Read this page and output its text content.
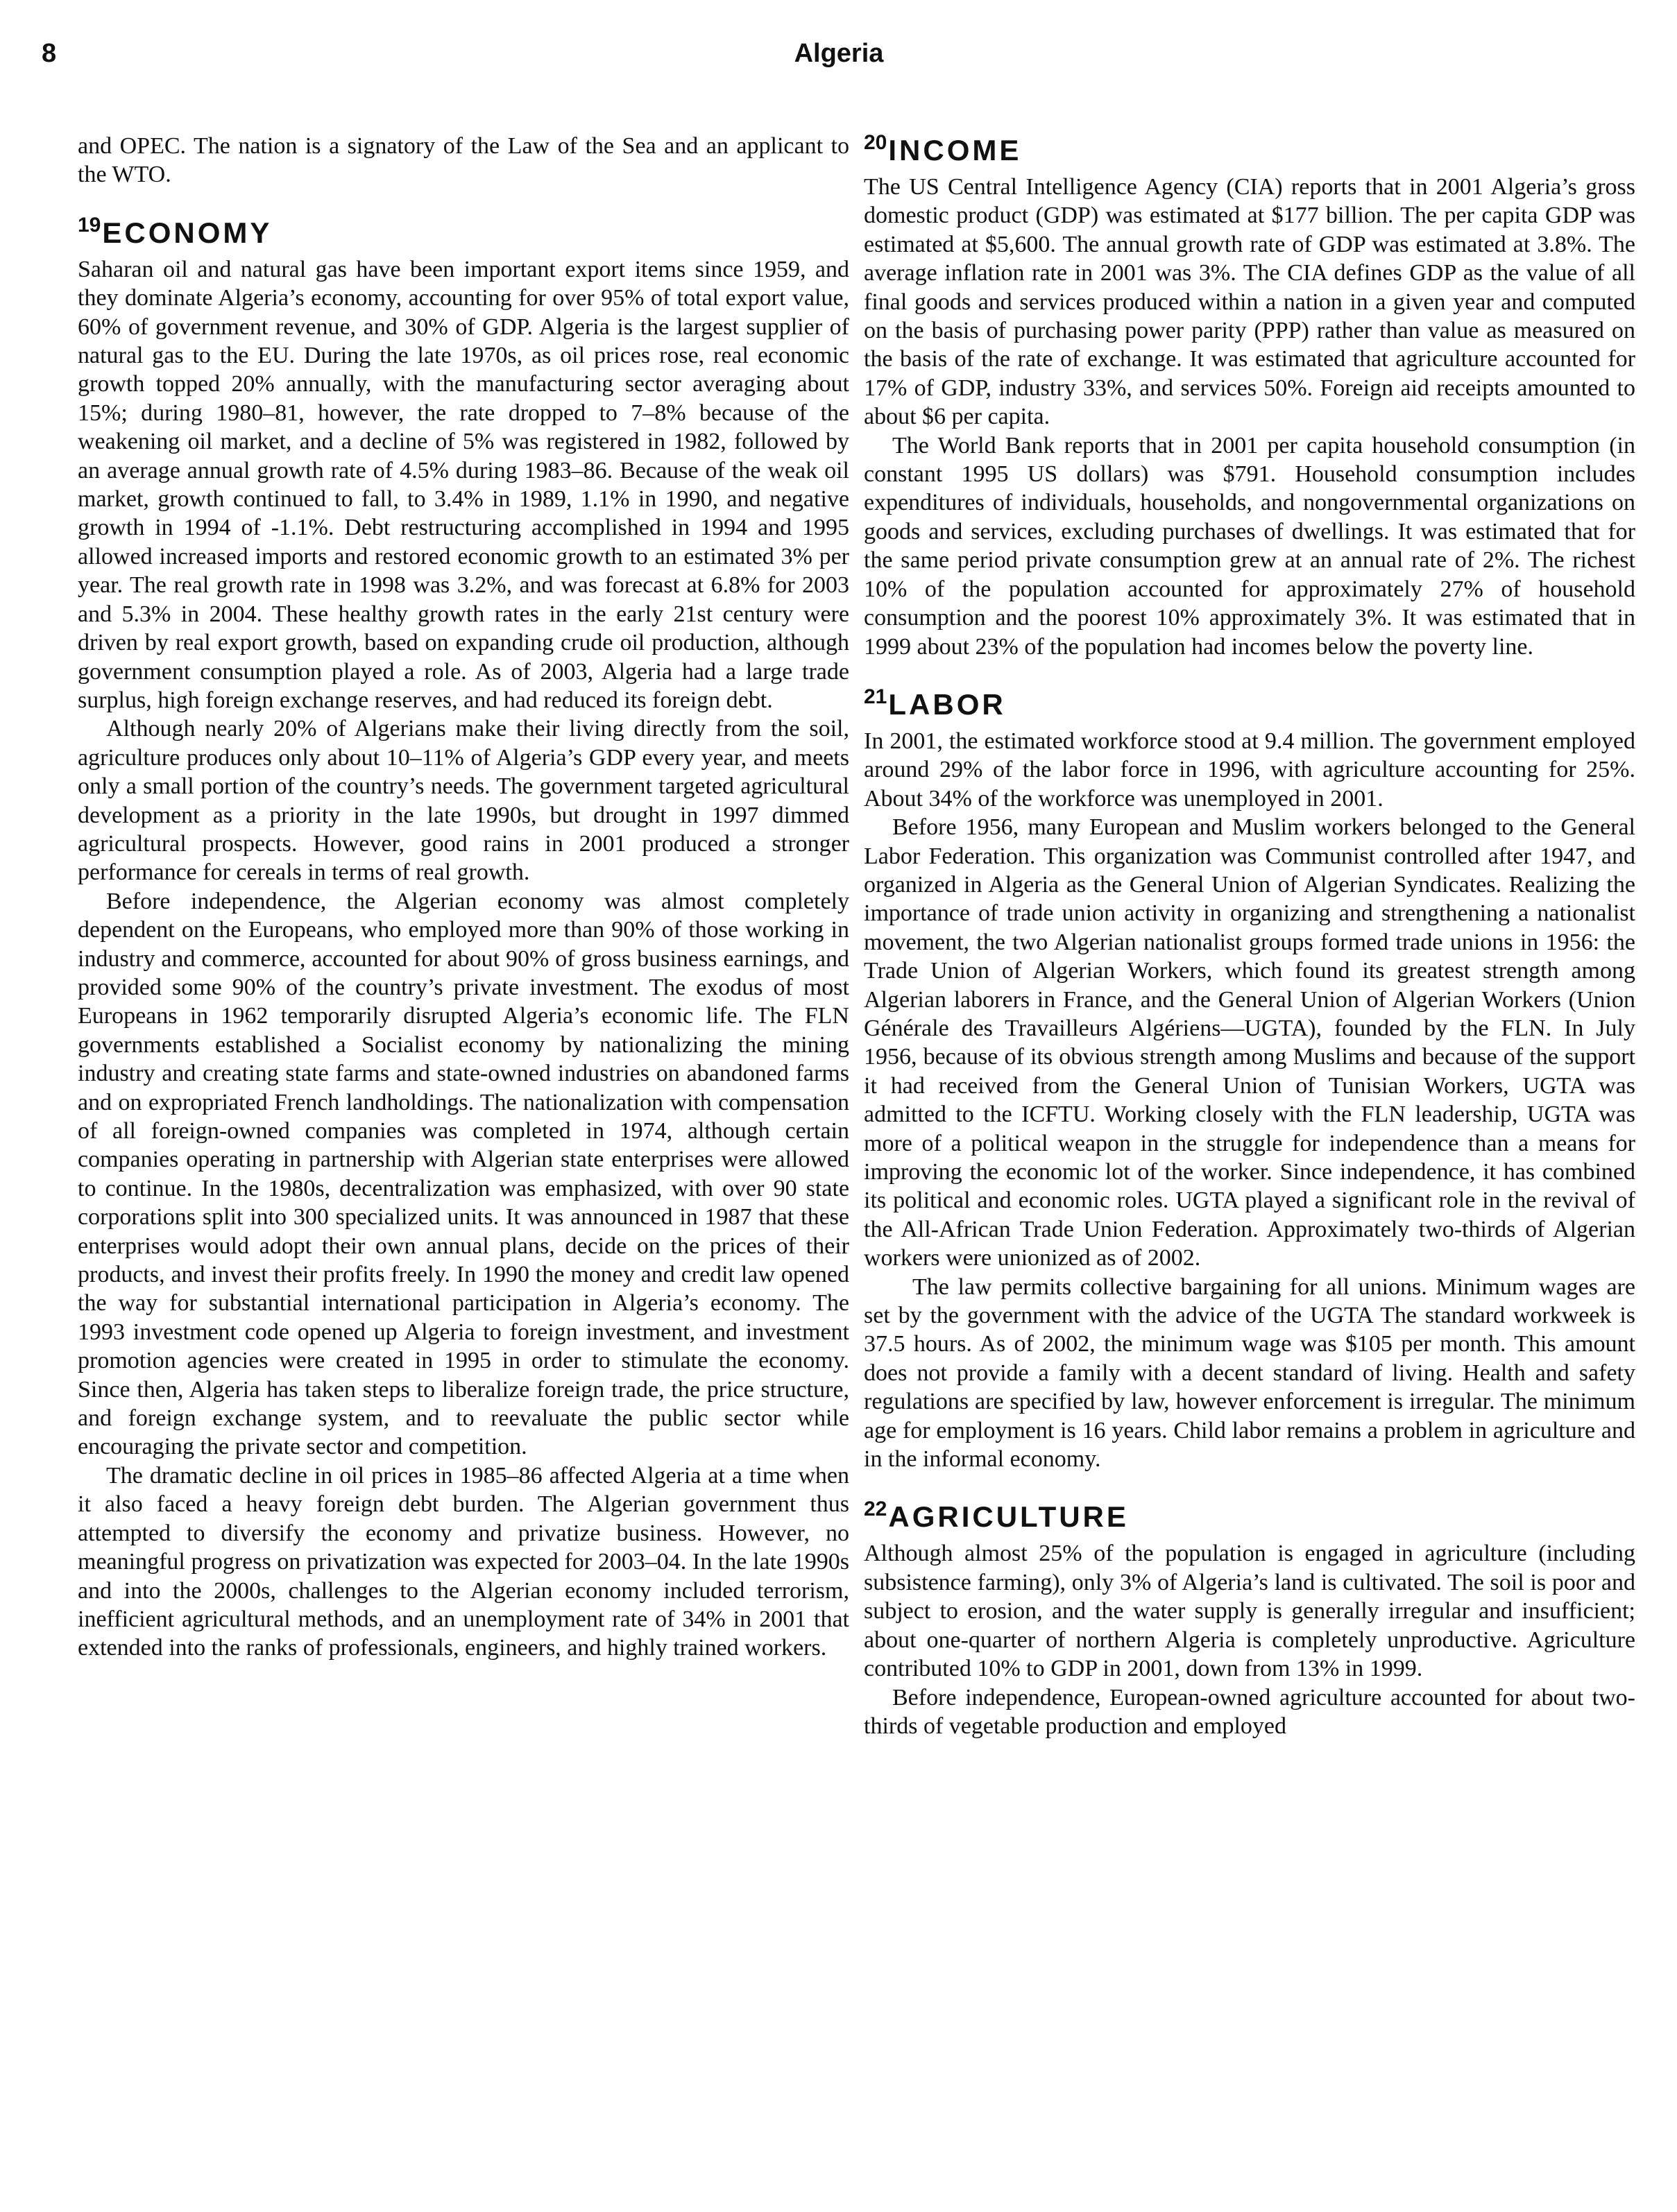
8	Algeria

and OPEC. The nation is a signatory of the Law of the Sea and an applicant to the WTO.

$^{19}$ECONOMY

Saharan oil and natural gas have been important export items since 1959, and they dominate Algeria’s economy, accounting for over 95% of total export value, 60% of government revenue, and 30% of GDP. Algeria is the largest supplier of natural gas to the EU. During the late 1970s, as oil prices rose, real economic growth topped 20% annually, with the manufacturing sector averaging about 15%; during 1980–81, however, the rate dropped to 7–8% because of the weakening oil market, and a decline of 5% was registered in 1982, followed by an average annual growth rate of 4.5% during 1983–86. Because of the weak oil market, growth continued to fall, to 3.4% in 1989, 1.1% in 1990, and negative growth in 1994 of -1.1%. Debt restructuring accomplished in 1994 and 1995 allowed increased imports and restored economic growth to an estimated 3% per year. The real growth rate in 1998 was 3.2%, and was forecast at 6.8% for 2003 and 5.3% in 2004. These healthy growth rates in the early 21st century were driven by real export growth, based on expanding crude oil production, although government consumption played a role. As of 2003, Algeria had a large trade surplus, high foreign exchange reserves, and had reduced its foreign debt.

Although nearly 20% of Algerians make their living directly from the soil, agriculture produces only about 10–11% of Algeria’s GDP every year, and meets only a small portion of the country’s needs. The government targeted agricultural development as a priority in the late 1990s, but drought in 1997 dimmed agricultural prospects. However, good rains in 2001 produced a stronger performance for cereals in terms of real growth.

Before independence, the Algerian economy was almost completely dependent on the Europeans, who employed more than 90% of those working in industry and commerce, accounted for about 90% of gross business earnings, and provided some 90% of the country’s private investment. The exodus of most Europeans in 1962 temporarily disrupted Algeria’s economic life. The FLN governments established a Socialist economy by nationalizing the mining industry and creating state farms and state-owned industries on abandoned farms and on expropriated French landholdings. The nationalization with compensation of all foreign-owned companies was completed in 1974, although certain companies operating in partnership with Algerian state enterprises were allowed to continue. In the 1980s, decentralization was emphasized, with over 90 state corporations split into 300 specialized units. It was announced in 1987 that these enterprises would adopt their own annual plans, decide on the prices of their products, and invest their profits freely. In 1990 the money and credit law opened the way for substantial international participation in Algeria’s economy. The 1993 investment code opened up Algeria to foreign investment, and investment promotion agencies were created in 1995 in order to stimulate the economy. Since then, Algeria has taken steps to liberalize foreign trade, the price structure, and foreign exchange system, and to reevaluate the public sector while encouraging the private sector and competition.

The dramatic decline in oil prices in 1985–86 affected Algeria at a time when it also faced a heavy foreign debt burden. The Algerian government thus attempted to diversify the economy and privatize business. However, no meaningful progress on privatization was expected for 2003–04. In the late 1990s and into the 2000s, challenges to the Algerian economy included terrorism, inefficient agricultural methods, and an unemployment rate of 34% in 2001 that extended into the ranks of professionals, engineers, and highly trained workers.

$^{20}$INCOME

The US Central Intelligence Agency (CIA) reports that in 2001 Algeria’s gross domestic product (GDP) was estimated at $177 billion. The per capita GDP was estimated at $5,600. The annual growth rate of GDP was estimated at 3.8%. The average inflation rate in 2001 was 3%. The CIA defines GDP as the value of all final goods and services produced within a nation in a given year and computed on the basis of purchasing power parity (PPP) rather than value as measured on the basis of the rate of exchange. It was estimated that agriculture accounted for 17% of GDP, industry 33%, and services 50%. Foreign aid receipts amounted to about $6 per capita.

The World Bank reports that in 2001 per capita household consumption (in constant 1995 US dollars) was $791. Household consumption includes expenditures of individuals, households, and nongovernmental organizations on goods and services, excluding purchases of dwellings. It was estimated that for the same period private consumption grew at an annual rate of 2%. The richest 10% of the population accounted for approximately 27% of household consumption and the poorest 10% approximately 3%. It was estimated that in 1999 about 23% of the population had incomes below the poverty line.

$^{21}$LABOR

In 2001, the estimated workforce stood at 9.4 million. The government employed around 29% of the labor force in 1996, with agriculture accounting for 25%. About 34% of the workforce was unemployed in 2001.

Before 1956, many European and Muslim workers belonged to the General Labor Federation. This organization was Communist controlled after 1947, and organized in Algeria as the General Union of Algerian Syndicates. Realizing the importance of trade union activity in organizing and strengthening a nationalist movement, the two Algerian nationalist groups formed trade unions in 1956: the Trade Union of Algerian Workers, which found its greatest strength among Algerian laborers in France, and the General Union of Algerian Workers (Union Générale des Travailleurs Algériens—UGTA), founded by the FLN. In July 1956, because of its obvious strength among Muslims and because of the support it had received from the General Union of Tunisian Workers, UGTA was admitted to the ICFTU. Working closely with the FLN leadership, UGTA was more of a political weapon in the struggle for independence than a means for improving the economic lot of the worker. Since independence, it has combined its political and economic roles. UGTA played a significant role in the revival of the All-African Trade Union Federation. Approximately two-thirds of Algerian workers were unionized as of 2002.

The law permits collective bargaining for all unions. Minimum wages are set by the government with the advice of the UGTA The standard workweek is 37.5 hours. As of 2002, the minimum wage was $105 per month. This amount does not provide a family with a decent standard of living. Health and safety regulations are specified by law, however enforcement is irregular. The minimum age for employment is 16 years. Child labor remains a problem in agriculture and in the informal economy.

$^{22}$AGRICULTURE

Although almost 25% of the population is engaged in agriculture (including subsistence farming), only 3% of Algeria’s land is cultivated. The soil is poor and subject to erosion, and the water supply is generally irregular and insufficient; about one-quarter of northern Algeria is completely unproductive. Agriculture contributed 10% to GDP in 2001, down from 13% in 1999.

Before independence, European-owned agriculture accounted for about two-thirds of vegetable production and employed
